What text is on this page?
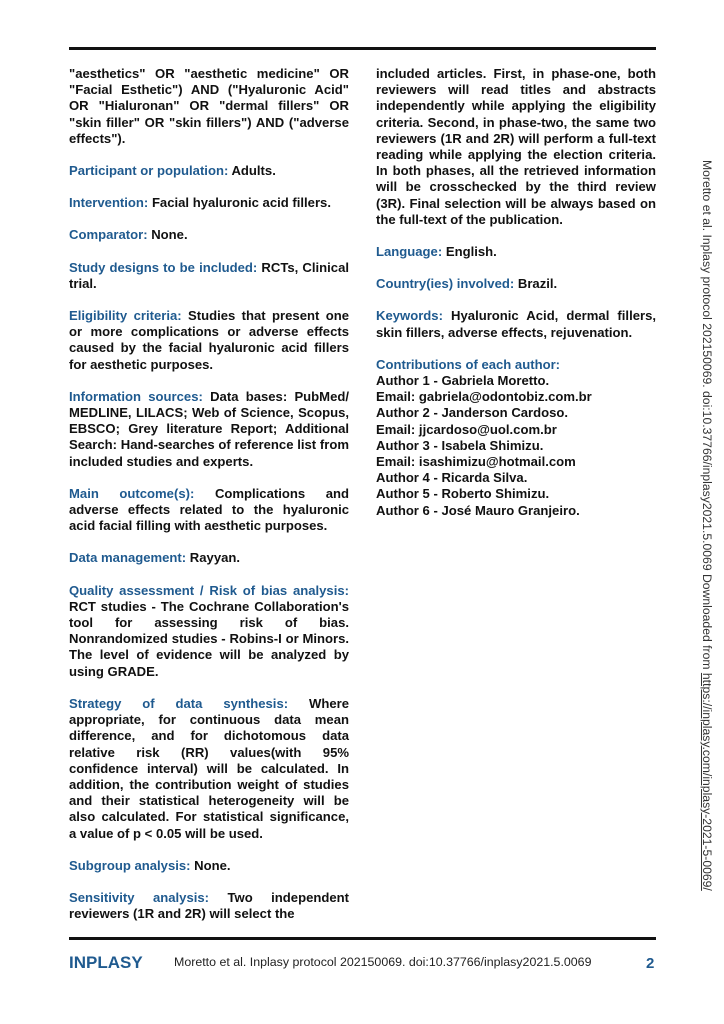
"aesthetics" OR "aesthetic medicine" OR "Facial Esthetic") AND ("Hyaluronic Acid" OR "Hialuronan" OR "dermal fillers" OR "skin filler" OR "skin fillers") AND ("adverse effects").

Participant or population: Adults.

Intervention: Facial hyaluronic acid fillers.

Comparator: None.

Study designs to be included: RCTs, Clinical trial.

Eligibility criteria: Studies that present one or more complications or adverse effects caused by the facial hyaluronic acid fillers for aesthetic purposes.

Information sources: Data bases: PubMed/ MEDLINE, LILACS; Web of Science, Scopus, EBSCO; Grey literature Report; Additional Search: Hand-searches of reference list from included studies and experts.

Main outcome(s): Complications and adverse effects related to the hyaluronic acid facial filling with aesthetic purposes.

Data management: Rayyan.

Quality assessment / Risk of bias analysis: RCT studies - The Cochrane Collaboration's tool for assessing risk of bias. Nonrandomized studies - Robins-I or Minors. The level of evidence will be analyzed by using GRADE.

Strategy of data synthesis: Where appropriate, for continuous data mean difference, and for dichotomous data relative risk (RR) values(with 95% confidence interval) will be calculated. In addition, the contribution weight of studies and their statistical heterogeneity will be also calculated. For statistical significance, a value of p < 0.05 will be used.

Subgroup analysis: None.

Sensitivity analysis: Two independent reviewers (1R and 2R) will select the

included articles. First, in phase-one, both reviewers will read titles and abstracts independently while applying the eligibility criteria. Second, in phase-two, the same two reviewers (1R and 2R) will perform a full-text reading while applying the election criteria. In both phases, all the retrieved information will be crosschecked by the third review (3R). Final selection will be always based on the full-text of the publication.

Language: English.

Country(ies) involved: Brazil.

Keywords: Hyaluronic Acid, dermal fillers, skin fillers, adverse effects, rejuvenation.

Contributions of each author:
Author 1 - Gabriela Moretto.
Email: gabriela@odontobiz.com.br
Author 2 - Janderson Cardoso.
Email: jjcardoso@uol.com.br
Author 3 - Isabela Shimizu.
Email: isashimizu@hotmail.com
Author 4 - Ricarda Silva.
Author 5 - Roberto Shimizu.
Author 6 - José Mauro Granjeiro.
INPLASY	Moretto et al. Inplasy protocol 202150069. doi:10.37766/inplasy2021.5.0069	2
Moretto et al. Inplasy protocol 202150069. doi:10.37766/inplasy2021.5.0069 Downloaded from https://inplasy.com/inplasy-2021-5-0069/
